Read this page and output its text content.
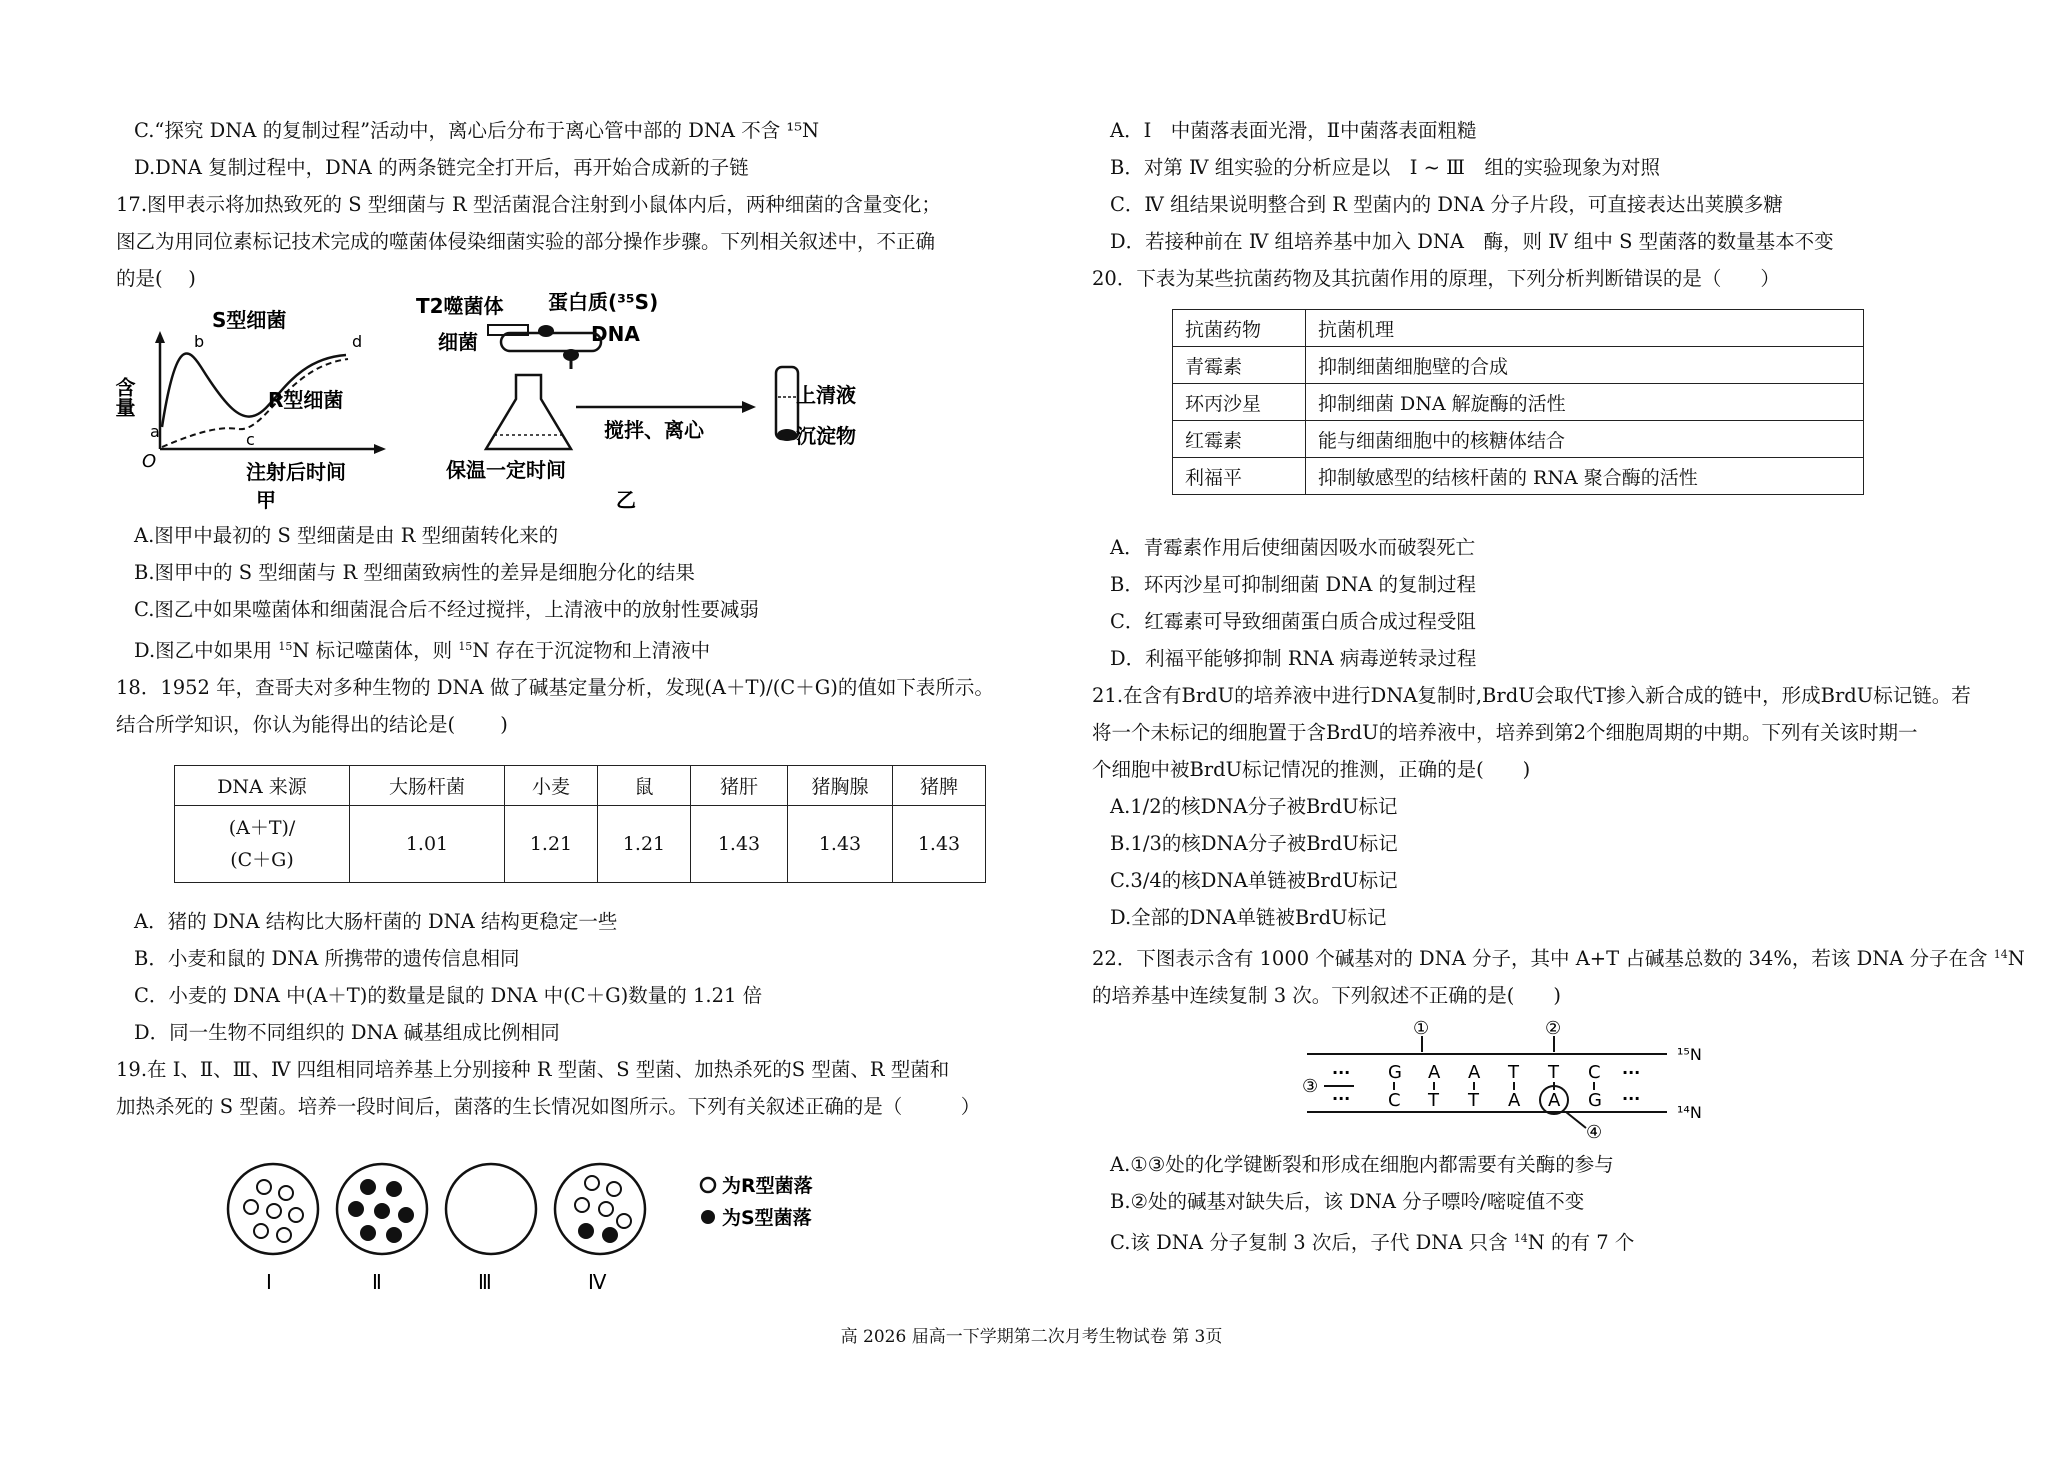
C.“探究 DNA 的复制过程”活动中，离心后分布于离心管中部的 DNA 不含 ¹⁵N
D.DNA 复制过程中，DNA 的两条链完全打开后，再开始合成新的子链
17.图甲表示将加热致死的 S 型细菌与 R 型活菌混合注射到小鼠体内后，两种细菌的含量变化；
图乙为用同位素标记技术完成的噬菌体侵染细菌实验的部分操作步骤。下列相关叙述中，不正确
的是(　 )
含量
O
S型细菌
R型细菌
注射后时间
甲
a
b
c
d
T2噬菌体 蛋白质(³⁵S)
DNA
细菌
搅拌、离心
保温一定时间
上清液
沉淀物
乙
A.图甲中最初的 S 型细菌是由 R 型细菌转化来的
B.图甲中的 S 型细菌与 R 型细菌致病性的差异是细胞分化的结果
C.图乙中如果噬菌体和细菌混合后不经过搅拌，上清液中的放射性要减弱
D.图乙中如果用 $^{15}$N 标记噬菌体，则 $^{15}$N 存在于沉淀物和上清液中
18．1952 年，查哥夫对多种生物的 DNA 做了碱基定量分析，发现(A＋T)/(C＋G)的值如下表所示。
结合所学知识，你认为能得出的结论是(　　 )
DNA 来源	大肠杆菌	小麦	鼠	猪肝	猪胸腺	猪脾
(A＋T)/
(C＋G)	1.01	1.21	1.21	1.43	1.43	1.43
A．猪的 DNA 结构比大肠杆菌的 DNA 结构更稳定一些
B．小麦和鼠的 DNA 所携带的遗传信息相同
C．小麦的 DNA 中(A＋T)的数量是鼠的 DNA 中(C＋G)数量的 1.21 倍
D．同一生物不同组织的 DNA 碱基组成比例相同
19.在 Ⅰ、Ⅱ、Ⅲ、Ⅳ 四组相同培养基上分别接种 R 型菌、S 型菌、加热杀死的S 型菌、R 型菌和
加热杀死的 S 型菌。培养一段时间后，菌落的生长情况如图所示。下列有关叙述正确的是（　　　）
Ⅰ	Ⅱ	Ⅲ	Ⅳ
为R型菌落
为S型菌落
A．Ⅰ　中菌落表面光滑，Ⅱ中菌落表面粗糙
B．对第 Ⅳ 组实验的分析应是以　Ⅰ ~ Ⅲ　组的实验现象为对照
C．Ⅳ 组结果说明整合到 R 型菌内的 DNA 分子片段，可直接表达出荚膜多糖
D．若接种前在 Ⅳ 组培养基中加入 DNA　酶，则 Ⅳ 组中 S 型菌落的数量基本不变
20．下表为某些抗菌药物及其抗菌作用的原理，下列分析判断错误的是（　　）
抗菌药物	抗菌机理
青霉素	抑制细菌细胞壁的合成
环丙沙星	抑制细菌 DNA 解旋酶的活性
红霉素	能与细菌细胞中的核糖体结合
利福平	抑制敏感型的结核杆菌的 RNA 聚合酶的活性
A．青霉素作用后使细菌因吸水而破裂死亡
B．环丙沙星可抑制细菌 DNA 的复制过程
C．红霉素可导致细菌蛋白质合成过程受阻
D．利福平能够抑制 RNA 病毒逆转录过程
21.在含有BrdU的培养液中进行DNA复制时,BrdU会取代T掺入新合成的链中，形成BrdU标记链。若
将一个未标记的细胞置于含BrdU的培养液中，培养到第2个细胞周期的中期。下列有关该时期一
个细胞中被BrdU标记情况的推测，正确的是(　　)
A.1/2的核DNA分子被BrdU标记
B.1/3的核DNA分子被BrdU标记
C.3/4的核DNA单链被BrdU标记
D.全部的DNA单链被BrdU标记
22．下图表示含有 1000 个碱基对的 DNA 分子，其中 A+T 占碱基总数的 34%，若该 DNA 分子在含 $^{14}$N
的培养基中连续复制 3 次。下列叙述不正确的是(　　)
···
···
···
···
G A A T T C
C T T A A G
①	②
③
④
¹⁵N
¹⁴N
A.①③处的化学键断裂和形成在细胞内都需要有关酶的参与
B.②处的碱基对缺失后，该 DNA 分子嘌呤/嘧啶值不变
C.该 DNA 分子复制 3 次后，子代 DNA 只含 $^{14}$N 的有 7 个
高 2026 届高一下学期第二次月考生物试卷 第 3页
